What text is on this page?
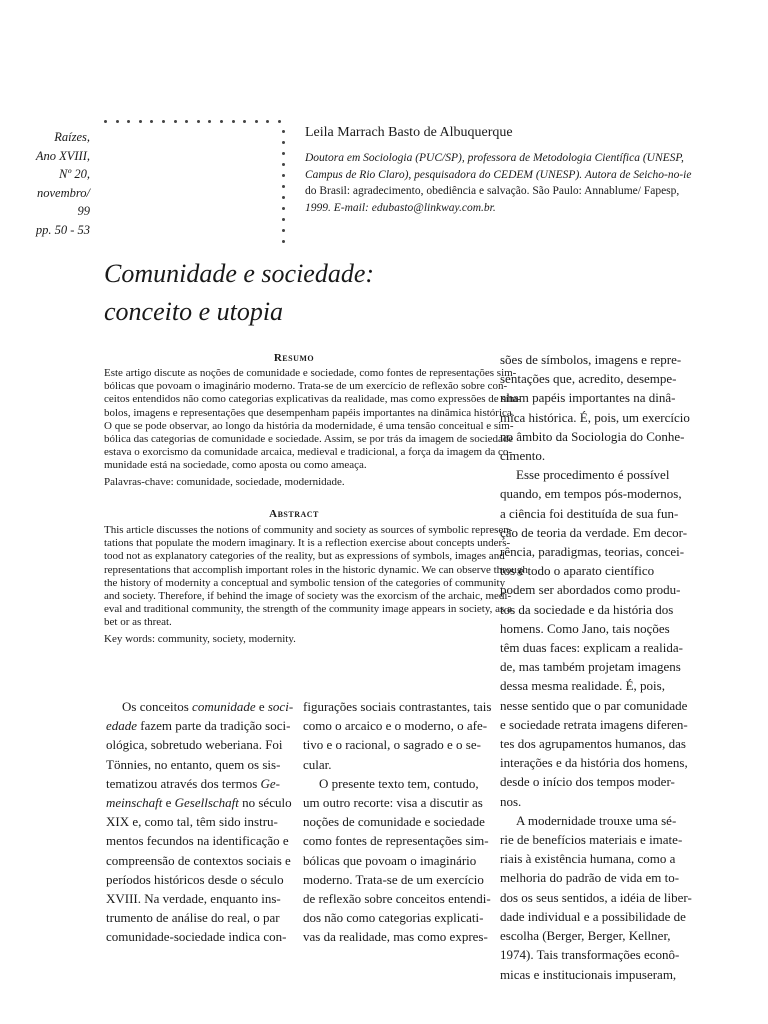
Raízes,
Ano XVIII,
Nº 20,
novembro/
99
pp. 50 - 53
Leila Marrach Basto de Albuquerque
Doutora em Sociologia (PUC/SP), professora de Metodologia Científica (UNESP,
Campus de Rio Claro), pesquisadora do CEDEM (UNESP). Autora de Seicho-no-ie
do Brasil: agradecimento, obediência e salvação. São Paulo: Annablume/ Fapesp,
1999. E-mail: edubasto@linkway.com.br.
Comunidade e sociedade:
conceito e utopia
Resumo
Este artigo discute as noções de comunidade e sociedade, como fontes de representações sim-
bólicas que povoam o imaginário moderno. Trata-se de um exercício de reflexão sobre con-
ceitos entendidos não como categorias explicativas da realidade, mas como expressões de sím-
bolos, imagens e representações que desempenham papéis importantes na dinâmica histórica.
O que se pode observar, ao longo da história da modernidade, é uma tensão conceitual e sim-
bólica das categorias de comunidade e sociedade. Assim, se por trás da imagem de sociedade
estava o exorcismo da comunidade arcaica, medieval e tradicional, a força da imagem da co-
munidade está na sociedade, como aposta ou como ameaça.
Palavras-chave: comunidade, sociedade, modernidade.
Abstract
This article discusses the notions of community and society as sources of symbolic represen-
tations that populate the modern imaginary. It is a reflection exercise about concepts unders-
tood not as explanatory categories of the reality, but as expressions of symbols, images and
representations that accomplish important roles in the historic dynamic. We can observe through
the history of modernity a conceptual and symbolic tension of the categories of community
and society. Therefore, if behind the image of society was the exorcism of the archaic, medi-
eval and traditional community, the strength of the community image appears in society, as a
bet or as threat.
Key words: community, society, modernity.
sões de símbolos, imagens e repre-
sentações que, acredito, desempe-
nham papéis importantes na dinâ-
mica histórica. É, pois, um exercício
no âmbito da Sociologia do Conhe-
cimento.
Esse procedimento é possível
quando, em tempos pós-modernos,
a ciência foi destituída de sua fun-
ção de teoria da verdade. Em decor-
rência, paradigmas, teorias, concei-
tos e todo o aparato científico
podem ser abordados como produ-
tos da sociedade e da história dos
homens. Como Jano, tais noções
têm duas faces: explicam a realida-
de, mas também projetam imagens
dessa mesma realidade. É, pois,
nesse sentido que o par comunidade
e sociedade retrata imagens diferen-
tes dos agrupamentos humanos, das
interações e da história dos homens,
desde o início dos tempos moder-
nos.
A modernidade trouxe uma sé-
rie de benefícios materiais e imate-
riais à existência humana, como a
melhoria do padrão de vida em to-
dos os seus sentidos, a idéia de liber-
dade individual e a possibilidade de
escolha (Berger, Berger, Kellner,
1974). Tais transformações econô-
micas e institucionais impuseram,
Os conceitos comunidade e soci-
edade fazem parte da tradição soci-
ológica, sobretudo weberiana. Foi
Tönnies, no entanto, quem os sis-
tematizou através dos termos Ge-
meinschaft e Gesellschaft no século
XIX e, como tal, têm sido instru-
mentos fecundos na identificação e
compreensão de contextos sociais e
períodos históricos desde o século
XVIII. Na verdade, enquanto ins-
trumento de análise do real, o par
comunidade-sociedade indica con-
figurações sociais contrastantes, tais
como o arcaico e o moderno, o afe-
tivo e o racional, o sagrado e o se-
cular.
O presente texto tem, contudo,
um outro recorte: visa a discutir as
noções de comunidade e sociedade
como fontes de representações sim-
bólicas que povoam o imaginário
moderno. Trata-se de um exercício
de reflexão sobre conceitos entendi-
dos não como categorias explicati-
vas da realidade, mas como expres-
